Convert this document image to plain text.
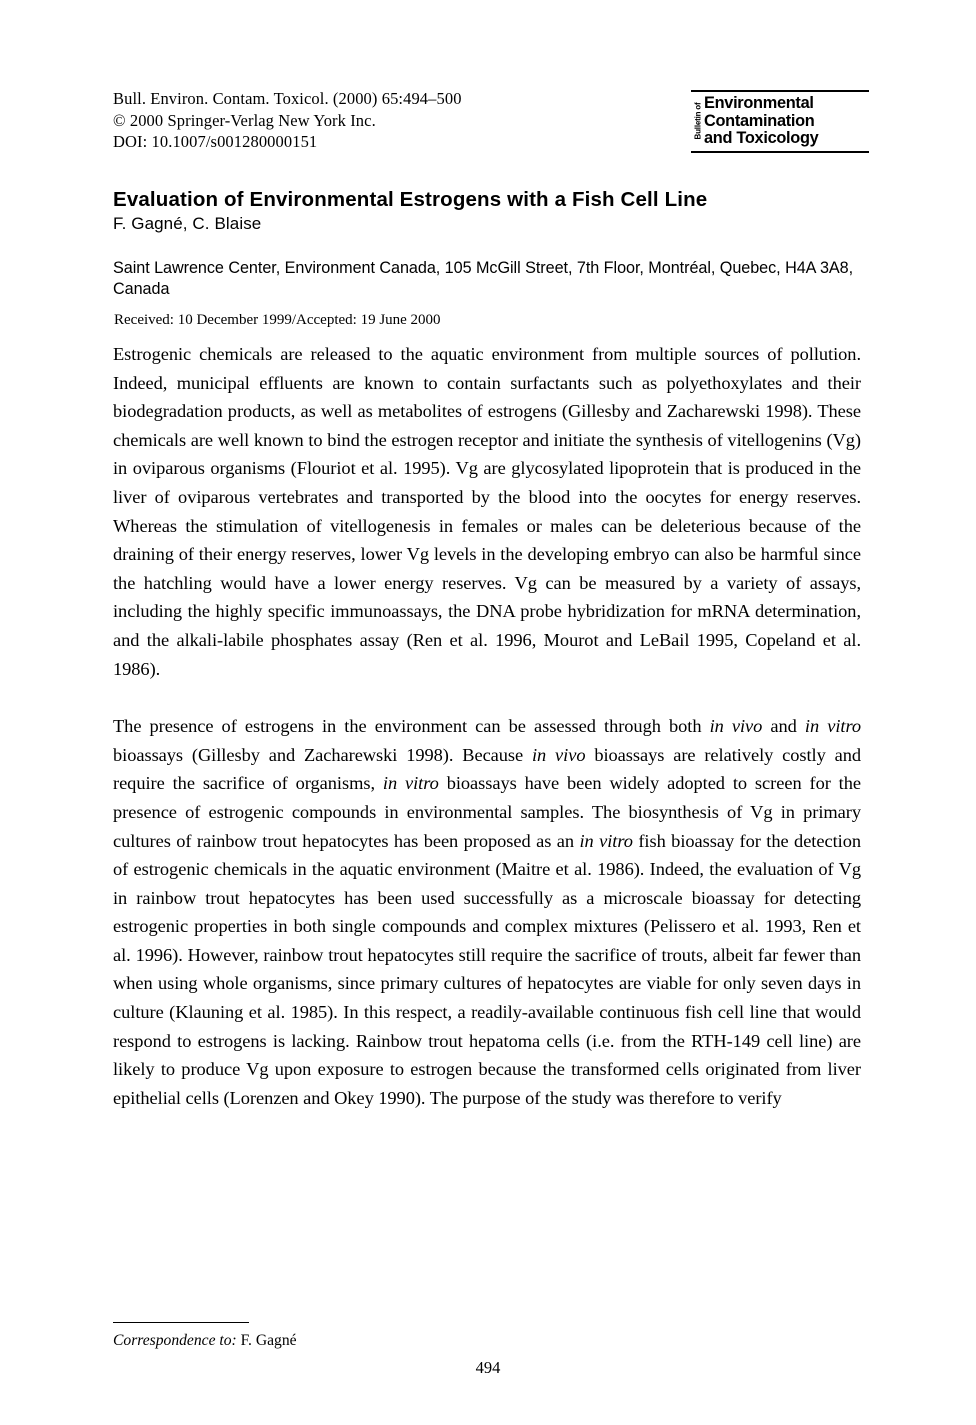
Bull. Environ. Contam. Toxicol. (2000) 65:494–500
© 2000 Springer-Verlag New York Inc.
DOI: 10.1007/s001280000151
Bulletin of Environmental
Contamination
and Toxicology
Evaluation of Environmental Estrogens with a Fish Cell Line
F. Gagné, C. Blaise
Saint Lawrence Center, Environment Canada, 105 McGill Street, 7th Floor, Montréal, Quebec, H4A 3A8, Canada
Received: 10 December 1999/Accepted: 19 June 2000

Estrogenic chemicals are released to the aquatic environment from multiple sources of pollution. Indeed, municipal effluents are known to contain surfactants such as polyethoxylates and their biodegradation products, as well as metabolites of estrogens (Gillesby and Zacharewski 1998). These chemicals are well known to bind the estrogen receptor and initiate the synthesis of vitellogenins (Vg) in oviparous organisms (Flouriot et al. 1995). Vg are glycosylated lipoprotein that is produced in the liver of oviparous vertebrates and transported by the blood into the oocytes for energy reserves. Whereas the stimulation of vitellogenesis in females or males can be deleterious because of the draining of their energy reserves, lower Vg levels in the developing embryo can also be harmful since the hatchling would have a lower energy reserves. Vg can be measured by a variety of assays, including the highly specific immunoassays, the DNA probe hybridization for mRNA determination, and the alkali-labile phosphates assay (Ren et al. 1996, Mourot and LeBail 1995, Copeland et al. 1986).

The presence of estrogens in the environment can be assessed through both in vivo and in vitro bioassays (Gillesby and Zacharewski 1998). Because in vivo bioassays are relatively costly and require the sacrifice of organisms, in vitro bioassays have been widely adopted to screen for the presence of estrogenic compounds in environmental samples. The biosynthesis of Vg in primary cultures of rainbow trout hepatocytes has been proposed as an in vitro fish bioassay for the detection of estrogenic chemicals in the aquatic environment (Maitre et al. 1986). Indeed, the evaluation of Vg in rainbow trout hepatocytes has been used successfully as a microscale bioassay for detecting estrogenic properties in both single compounds and complex mixtures (Pelissero et al. 1993, Ren et al. 1996). However, rainbow trout hepatocytes still require the sacrifice of trouts, albeit far fewer than when using whole organisms, since primary cultures of hepatocytes are viable for only seven days in culture (Klauning et al. 1985). In this respect, a readily-available continuous fish cell line that would respond to estrogens is lacking. Rainbow trout hepatoma cells (i.e. from the RTH-149 cell line) are likely to produce Vg upon exposure to estrogen because the transformed cells originated from liver epithelial cells (Lorenzen and Okey 1990). The purpose of the study was therefore to verify

Correspondence to: F. Gagné
494
